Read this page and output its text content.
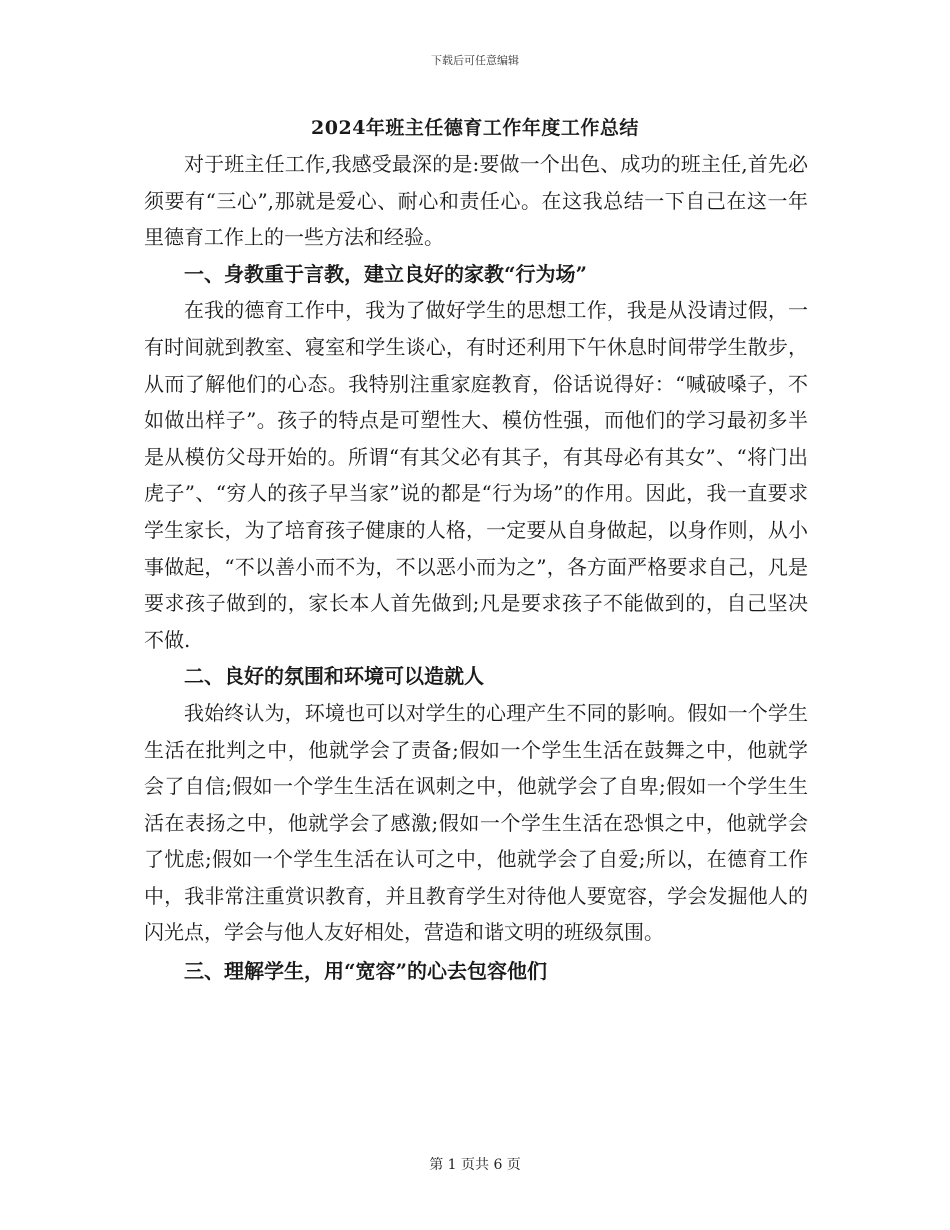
下载后可任意编辑
2024年班主任德育工作年度工作总结

对于班主任工作,我感受最深的是:要做一个出色、成功的班主任,首先必须要有“三心”,那就是爱心、耐心和责任心。在这我总结一下自己在这一年里德育工作上的一些方法和经验。

一、身教重于言教，建立良好的家教“行为场”

在我的德育工作中，我为了做好学生的思想工作，我是从没请过假，一有时间就到教室、寝室和学生谈心，有时还利用下午休息时间带学生散步，从而了解他们的心态。我特别注重家庭教育，俗话说得好：“喊破嗓子，不如做出样子”。孩子的特点是可塑性大、模仿性强，而他们的学习最初多半是从模仿父母开始的。所谓“有其父必有其子，有其母必有其女”、“将门出虎子”、“穷人的孩子早当家”说的都是“行为场”的作用。因此，我一直要求学生家长，为了培育孩子健康的人格，一定要从自身做起，以身作则，从小事做起，“不以善小而不为，不以恶小而为之”，各方面严格要求自己，凡是要求孩子做到的，家长本人首先做到;凡是要求孩子不能做到的，自己坚决不做.

二、良好的氛围和环境可以造就人

我始终认为，环境也可以对学生的心理产生不同的影响。假如一个学生生活在批判之中，他就学会了责备;假如一个学生生活在鼓舞之中，他就学会了自信;假如一个学生生活在讽刺之中，他就学会了自卑;假如一个学生生活在表扬之中，他就学会了感激;假如一个学生生活在恐惧之中，他就学会了忧虑;假如一个学生生活在认可之中，他就学会了自爱;所以，在德育工作中，我非常注重赏识教育，并且教育学生对待他人要宽容，学会发掘他人的闪光点，学会与他人友好相处，营造和谐文明的班级氛围。

三、理解学生，用“宽容”的心去包容他们
第 1 页共 6 页
